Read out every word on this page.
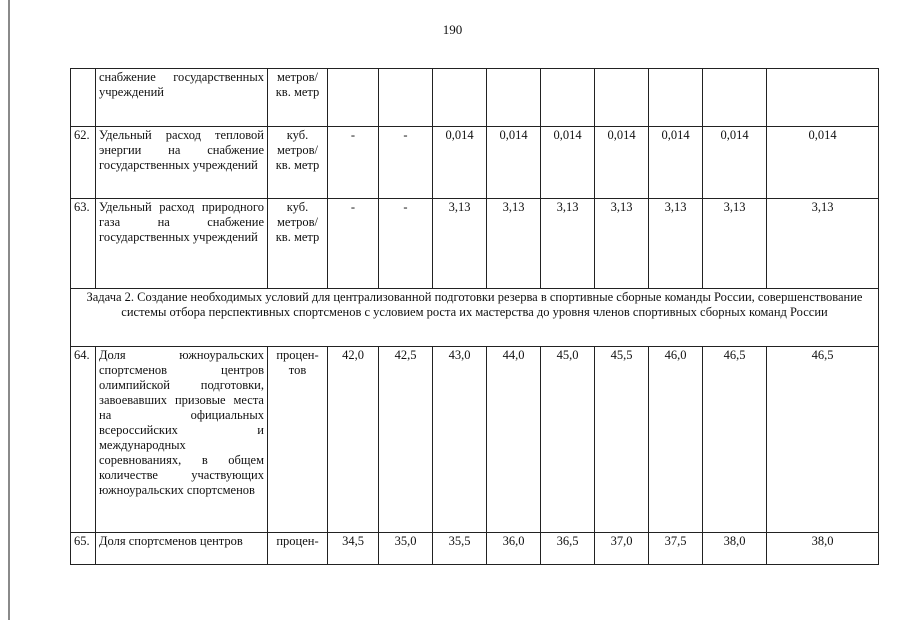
190
	снабжение государственных учреждений	метров/ кв. метр									
62.	Удельный расход тепловой энергии на снабжение государственных учреждений	куб. метров/ кв. метр	-	-	0,014	0,014	0,014	0,014	0,014	0,014	0,014
63.	Удельный расход природного газа на снабжение государственных учреждений	куб. метров/ кв. метр	-	-	3,13	3,13	3,13	3,13	3,13	3,13	3,13
Задача 2. Создание необходимых условий для централизованной подготовки резерва в спортивные сборные команды России, совершенствование системы отбора перспективных спортсменов с условием роста их мастерства до уровня членов спортивных сборных команд России											
64.	Доля южноуральских спортсменов центров олимпийской подготовки, завоевавших призовые места на официальных всероссийских и международных соревнованиях, в общем количестве участвующих южноуральских спортсменов	процен-тов	42,0	42,5	43,0	44,0	45,0	45,5	46,0	46,5	46,5
65.	Доля спортсменов центров	процен-	34,5	35,0	35,5	36,0	36,5	37,0	37,5	38,0	38,0
